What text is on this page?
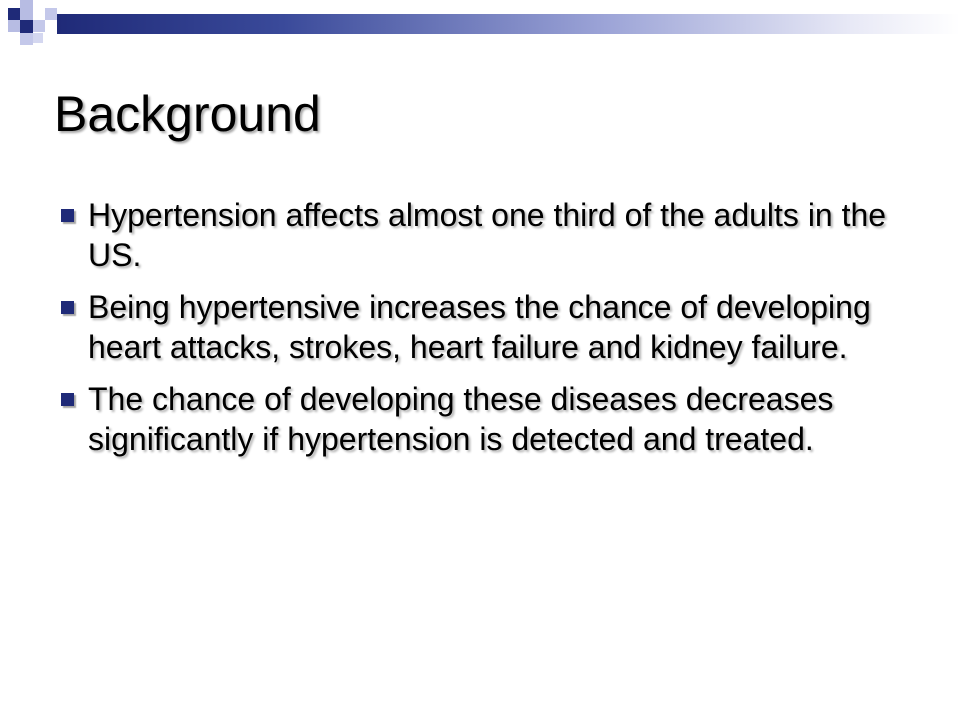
Background
Hypertension affects almost one third of the adults in the US.
Being hypertensive increases the chance of developing heart attacks, strokes, heart failure and kidney failure.
The chance of developing these diseases decreases significantly if hypertension is detected and treated.
